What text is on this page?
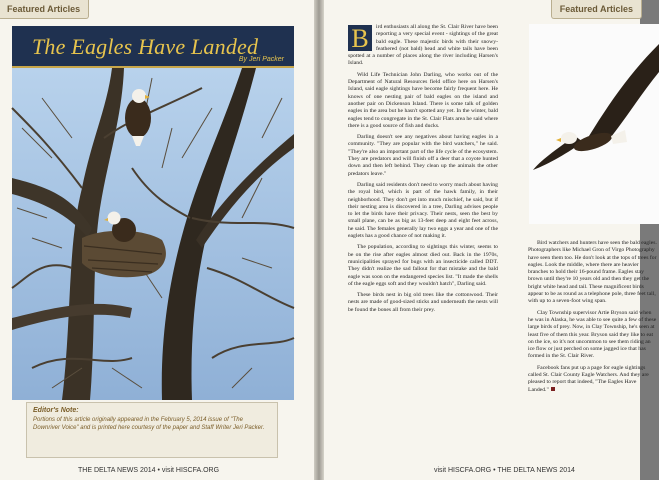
Featured Articles
The Eagles Have Landed
By Jeri Packer
Editor's Note:
Portions of this article originally appeared in the February 5, 2014 issue of "The Downriver Voice" and is printed here courtesy of the paper and Staff Writer Jeri Packer.
THE DELTA NEWS 2014 • visit HISCFA.ORG
Featured Articles

B	ird enthusiasts all along the St. Clair River have been reporting a very special event - sightings of the great bald eagle. These majestic birds with their snowy-feathered (not bald) head and white tails have been spotted at a number of places along the river including Harsen's Island.

Wild Life Technician John Darling, who works out of the Department of Natural Resources field office here on Harsen's Island, said eagle sightings have become fairly frequent here. He knows of one nesting pair of bald eagles on the island and another pair on Dickenson Island. There is some talk of golden eagles in the area but he hasn't spotted any yet. In the winter, bald eagles tend to congregate in the St. Clair Flats area he said where there is a good source of fish and ducks.

Darling doesn't see any negatives about having eagles in a community. "They are popular with the bird watchers," he said. "They're also an important part of the life cycle of the ecosystem. They are predators and will finish off a deer that a coyote hunted down and then left behind. They clean up the animals the other predators leave."

Darling said residents don't need to worry much about having the royal bird, which is part of the hawk family, in their neighborhood. They don't get into much mischief, he said, but if their nesting area is discovered in a tree, Darling advises people to let the birds have their privacy. Their nests, seen the best by small plane, can be as big as 13-feet deep and eight feet across, he said. The females generally lay two eggs a year and one of the eaglets has a good chance of not making it.

The population, according to sightings this winter, seems to be on the rise after eagles almost died out. Back in the 1970s, municipalities sprayed for bugs with an insecticide called DDT. They didn't realize the sad fallout for that mistake and the bald eagle was soon on the endangered species list. "It made the shells of the eagle eggs soft and they wouldn't hatch", Darling said.

These birds nest in big old trees like the cottonwood. Their nests are made of good-sized sticks and underneath the nests will be found the bones all from their prey.

Bird watchers and hunters have seen the bald eagles. Photographers like Michael Gron of Virgo Photography have seen them too. He don't look at the tops of trees for eagles. Look the middle, where there are heavier branches to hold their 16-pound frame. Eagles stay brown until they're 10 years old and then they get the bright white head and tail. These magnificent birds appear to be as round as a telephone pole, three feet tall, with up to a seven-foot wing span.

Clay Township supervisor Artie Bryson said when he was in Alaska, he was able to see quite a few of these large birds of prey. Now, in Clay Township, he's seen at least five of them this year. Bryson said they like to eat on the ice, so it's not uncommon to see them riding an ice flow or just perched on some jagged ice that has formed in the St. Clair River.

Facebook fans put up a page for eagle sightings called St. Clair County Eagle Watchers. And they are pleased to report that indeed, "The Eagles Have Landed."

visit HISCFA.ORG • THE DELTA NEWS 2014
